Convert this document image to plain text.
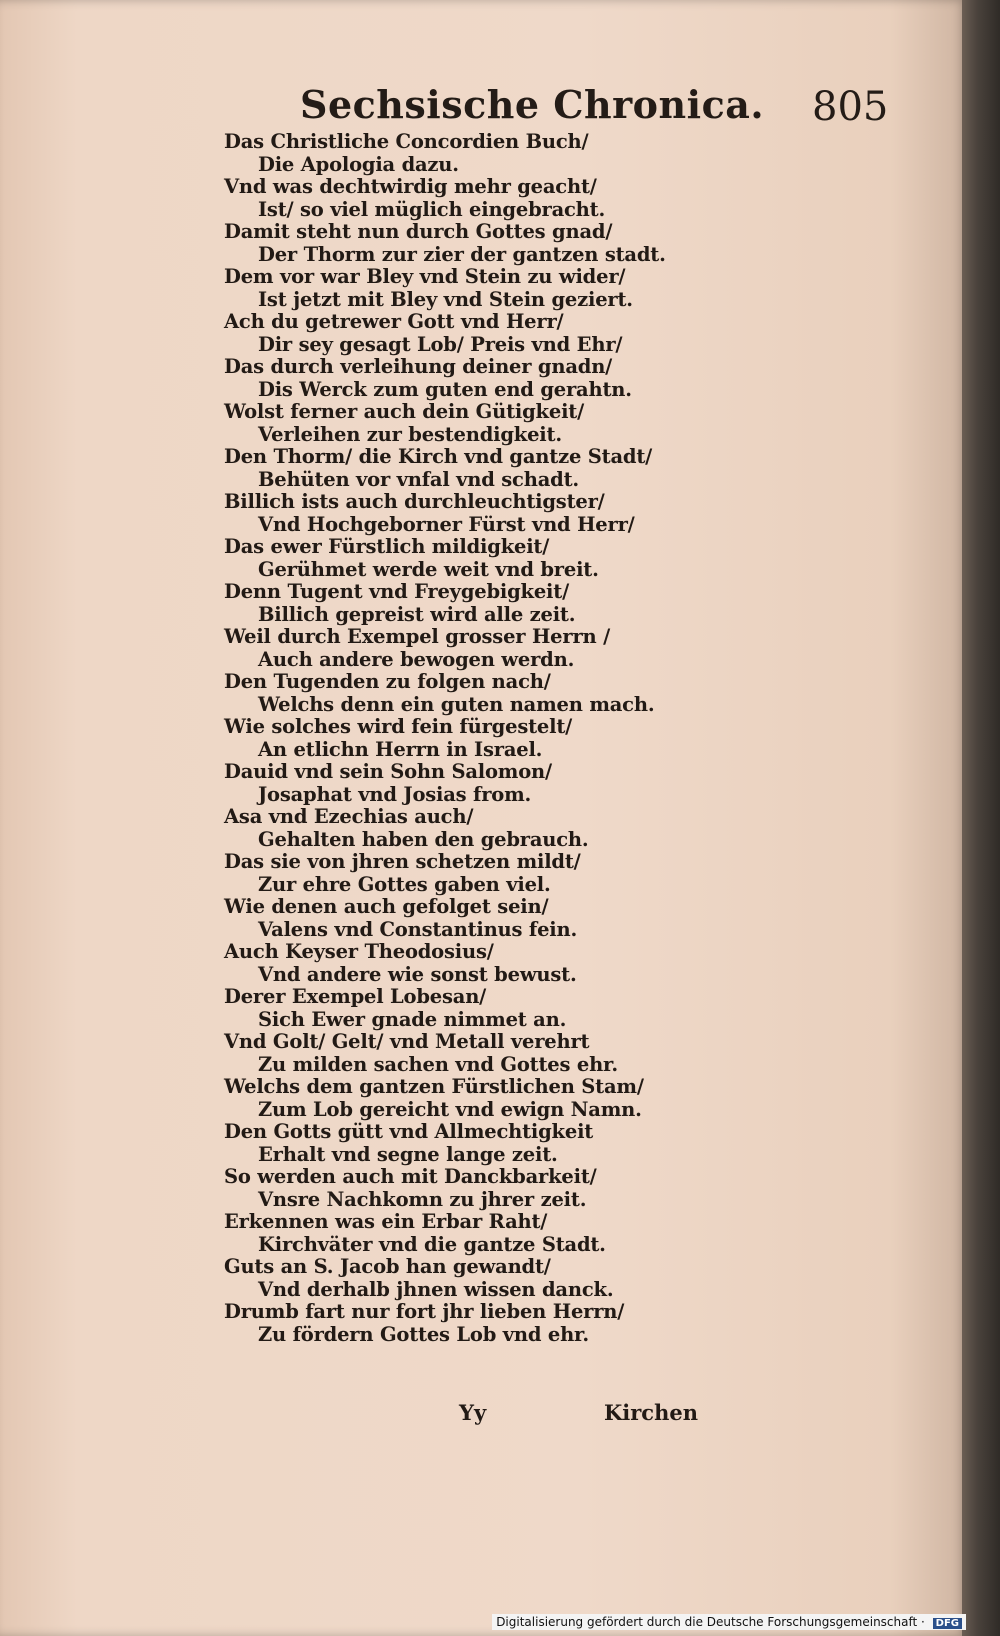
Sechsische Chronica. 805
Das Christliche Concordien Buch/
Die Apologia dazu.
Vnd was dechtwirdig mehr geacht/
Ist/ so viel müglich eingebracht.
Damit steht nun durch Gottes gnad/
Der Thorm zur zier der gantzen stadt.
Dem vor war Bley vnd Stein zu wider/
Ist jetzt mit Bley vnd Stein geziert.
Ach du getrewer Gott vnd Herr/
Dir sey gesagt Lob/ Preis vnd Ehr/
Das durch verleihung deiner gnadn/
Dis Werck zum guten end gerahtn.
Wolst ferner auch dein Gütigkeit/
Verleihen zur bestendigkeit.
Den Thorm/ die Kirch vnd gantze Stadt/
Behüten vor vnfal vnd schadt.
Billich ists auch durchleuchtigster/
Vnd Hochgeborner Fürst vnd Herr/
Das ewer Fürstlich mildigkeit/
Gerühmet werde weit vnd breit.
Denn Tugent vnd Freygebigkeit/
Billich gepreist wird alle zeit.
Weil durch Exempel grosser Herrn /
Auch andere bewogen werdn.
Den Tugenden zu folgen nach/
Welchs denn ein guten namen mach.
Wie solches wird fein fürgestelt/
An etlichn Herrn in Israel.
Dauid vnd sein Sohn Salomon/
Josaphat vnd Josias from.
Asa vnd Ezechias auch/
Gehalten haben den gebrauch.
Das sie von jhren schetzen mildt/
Zur ehre Gottes gaben viel.
Wie denen auch gefolget sein/
Valens vnd Constantinus fein.
Auch Keyser Theodosius/
Vnd andere wie sonst bewust.
Derer Exempel Lobesan/
Sich Ewer gnade nimmet an.
Vnd Golt/ Gelt/ vnd Metall verehrt
Zu milden sachen vnd Gottes ehr.
Welchs dem gantzen Fürstlichen Stam/
Zum Lob gereicht vnd ewign Namn.
Den Gotts gütt vnd Allmechtigkeit
Erhalt vnd segne lange zeit.
So werden auch mit Danckbarkeit/
Vnsre Nachkomn zu jhrer zeit.
Erkennen was ein Erbar Raht/
Kirchväter vnd die gantze Stadt.
Guts an S. Jacob han gewandt/
Vnd derhalb jhnen wissen danck.
Drumb fart nur fort jhr lieben Herrn/
Zu fördern Gottes Lob vnd ehr.
Yy	Kirchen
Digitalisierung gefördert durch die Deutsche Forschungsgemeinschaft · DFG
